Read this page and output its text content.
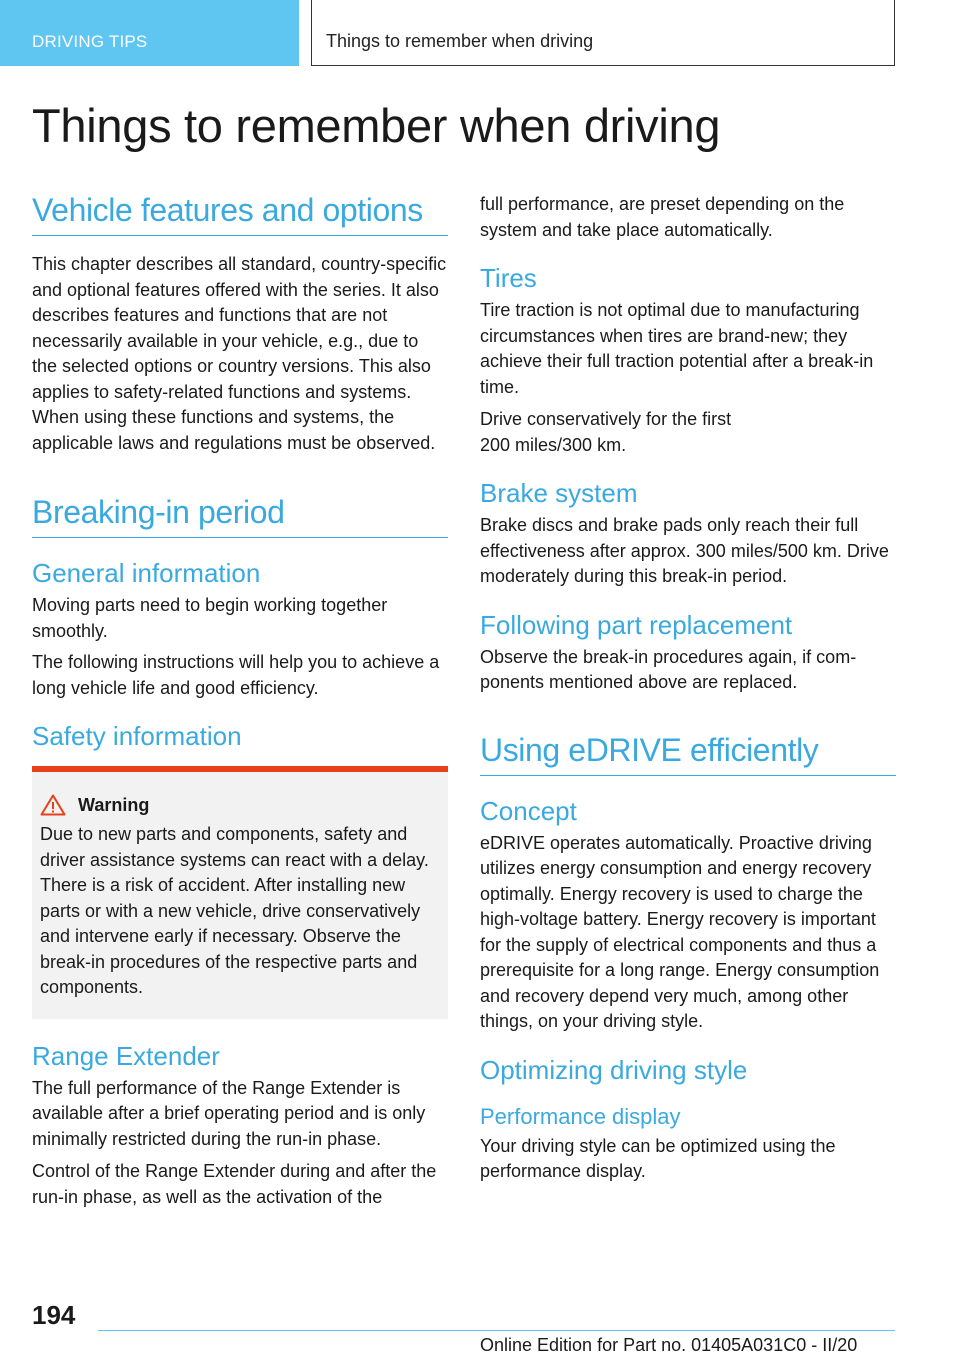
DRIVING TIPS	Things to remember when driving
Things to remember when driving
Vehicle features and options

This chapter describes all standard, country-specific and optional features offered with the series. It also describes features and functions that are not necessarily available in your vehicle, e.g., due to the selected options or country versions. This also applies to safety-related functions and systems. When using these functions and systems, the applicable laws and regulations must be observed.

Breaking-in period
General information

Moving parts need to begin working together smoothly.

The following instructions will help you to achieve a long vehicle life and good efficiency.

Safety information
Warning

Due to new parts and components, safety and driver assistance systems can react with a delay. There is a risk of accident. After installing new parts or with a new vehicle, drive conservatively and intervene early if necessary. Observe the break-in procedures of the respective parts and components.

Range Extender

The full performance of the Range Extender is available after a brief operating period and is only minimally restricted during the run-in phase.

Control of the Range Extender during and after the run-in phase, as well as the activation of the

full performance, are preset depending on the system and take place automatically.

Tires

Tire traction is not optimal due to manufacturing circumstances when tires are brand-new; they achieve their full traction potential after a break-in time.

Drive conservatively for the first
200 miles/300 km.

Brake system

Brake discs and brake pads only reach their full effectiveness after approx. 300 miles/500 km. Drive moderately during this break-in period.

Following part replacement

Observe the break-in procedures again, if components mentioned above are replaced.

Using eDRIVE efficiently
Concept

eDRIVE operates automatically. Proactive driving utilizes energy consumption and energy recovery optimally. Energy recovery is used to charge the high-voltage battery. Energy recovery is important for the supply of electrical components and thus a prerequisite for a long range. Energy consumption and recovery depend very much, among other things, on your driving style.

Optimizing driving style
Performance display

Your driving style can be optimized using the performance display.

194
Online Edition for Part no. 01405A031C0 - II/20
